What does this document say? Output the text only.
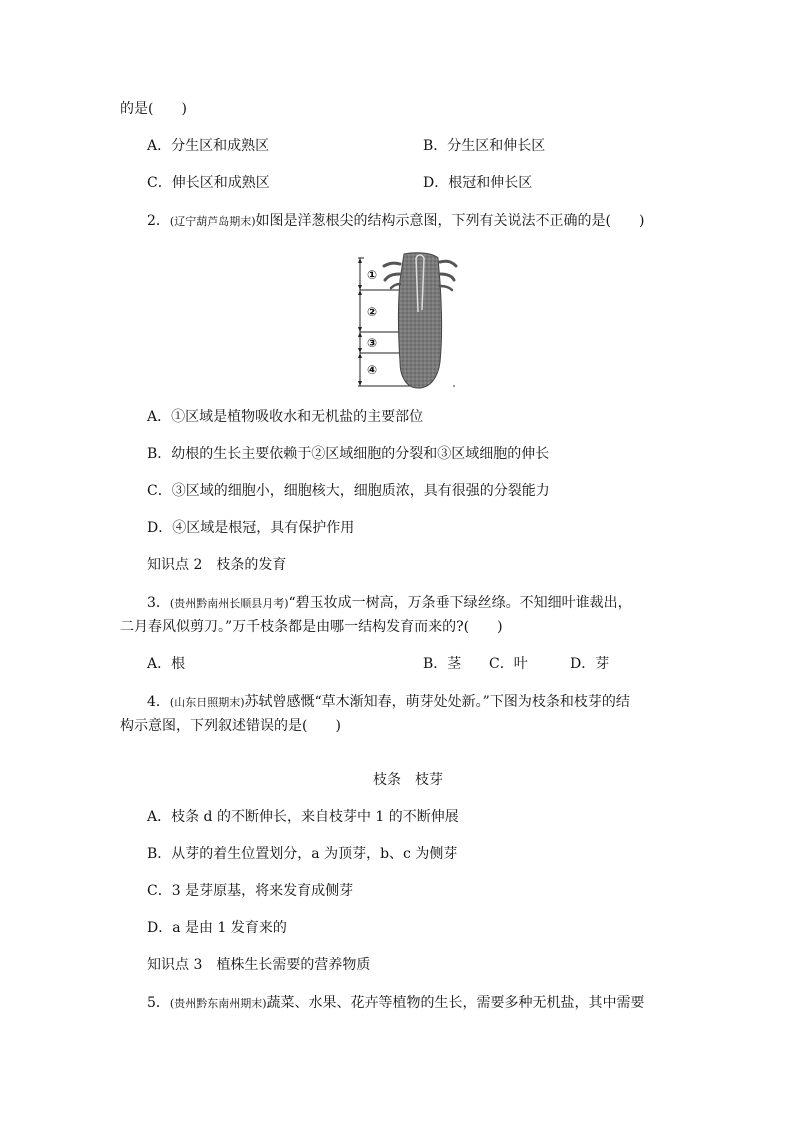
的是(　　)
A．分生区和成熟区	B．分生区和伸长区
C．伸长区和成熟区	D．根冠和伸长区
2．(辽宁葫芦岛期末)如图是洋葱根尖的结构示意图，下列有关说法不正确的是(　　)
①
②
③
④
A．①区域是植物吸收水和无机盐的主要部位
B．幼根的生长主要依赖于②区域细胞的分裂和③区域细胞的伸长
C．③区域的细胞小，细胞核大，细胞质浓，具有很强的分裂能力
D．④区域是根冠，具有保护作用
知识点 2　枝条的发育
3．(贵州黔南州长顺县月考)“碧玉妆成一树高，万条垂下绿丝绦。不知细叶谁裁出，
二月春风似剪刀。”万千枝条都是由哪一结构发育而来的?(　　)
A．根	B．茎 C．叶	D．芽
4．(山东日照期末)苏轼曾感慨“草木渐知春，萌芽处处新。”下图为枝条和枝芽的结
构示意图，下列叙述错误的是(　　)
枝条　枝芽
A．枝条 d 的不断伸长，来自枝芽中 1 的不断伸展
B．从芽的着生位置划分，a 为顶芽，b、c 为侧芽
C．3 是芽原基，将来发育成侧芽
D．a 是由 1 发育来的
知识点 3　植株生长需要的营养物质
5．(贵州黔东南州期末)蔬菜、水果、花卉等植物的生长，需要多种无机盐，其中需要
